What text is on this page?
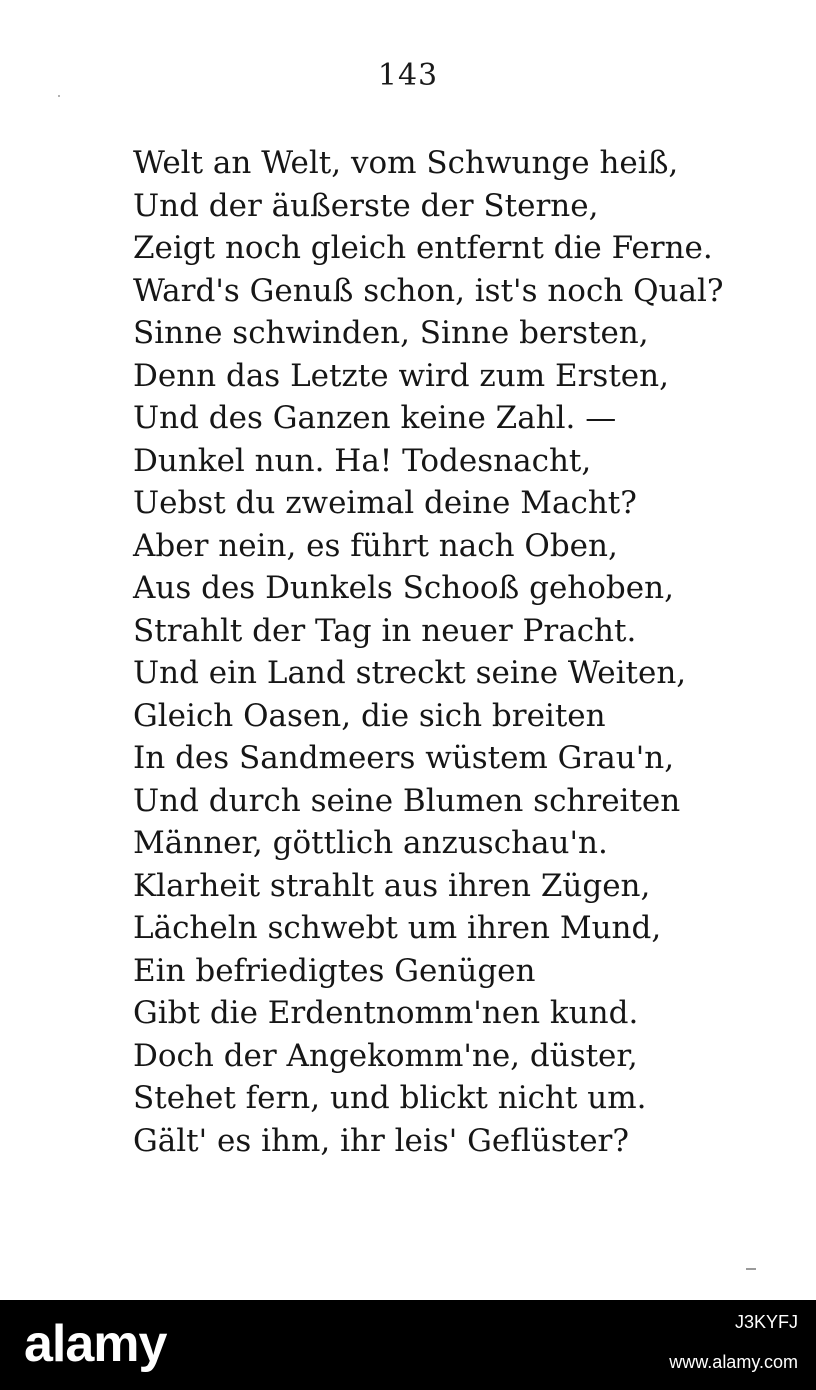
143
Welt an Welt, vom Schwunge heiß,
Und der äußerste der Sterne,
Zeigt noch gleich entfernt die Ferne.
Ward's Genuß schon, ist's noch Qual?
Sinne schwinden, Sinne bersten,
Denn das Letzte wird zum Ersten,
Und des Ganzen keine Zahl. —
Dunkel nun. Ha! Todesnacht,
Uebst du zweimal deine Macht?
Aber nein, es führt nach Oben,
Aus des Dunkels Schooß gehoben,
Strahlt der Tag in neuer Pracht.
Und ein Land streckt seine Weiten,
Gleich Oasen, die sich breiten
In des Sandmeers wüstem Grau'n,
Und durch seine Blumen schreiten
Männer, göttlich anzuschau'n.
Klarheit strahlt aus ihren Zügen,
Lächeln schwebt um ihren Mund,
Ein befriedigtes Genügen
Gibt die Erdentnomm'nen kund.
Doch der Angekomm'ne, düster,
Stehet fern, und blickt nicht um.
Gält' es ihm, ihr leis' Geflüster?
alamy	J3KYFJ
www.alamy.com
